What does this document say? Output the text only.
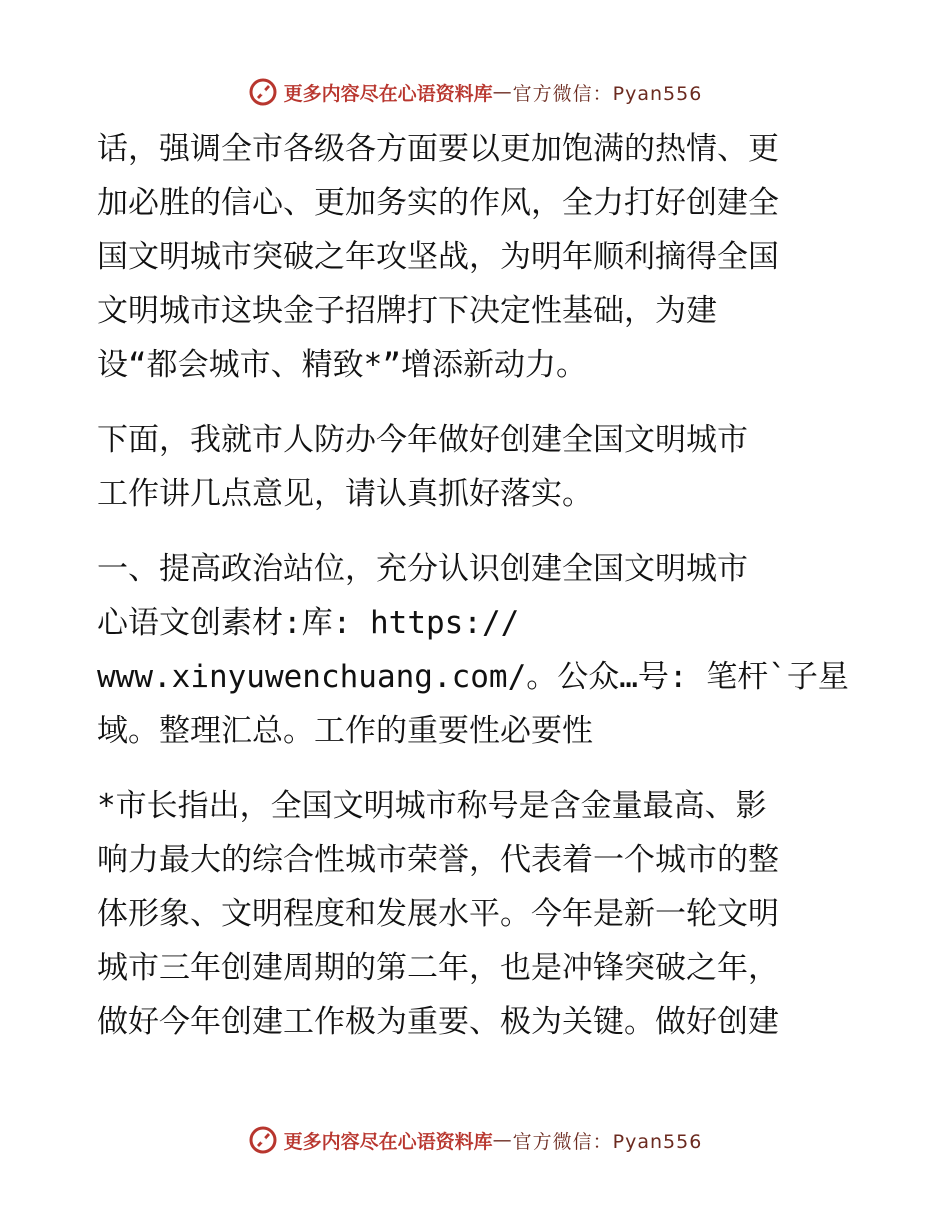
更多内容尽在心语资料库 — 官方微信：Pyan556
话，强调全市各级各方面要以更加饱满的热情、更
加必胜的信心、更加务实的作风，全力打好创建全
国文明城市突破之年攻坚战，为明年顺利摘得全国
文明城市这块金子招牌打下决定性基础，为建
设“都会城市、精致*”增添新动力。
下面，我就市人防办今年做好创建全国文明城市
工作讲几点意见，请认真抓好落实。
一、提高政治站位，充分认识创建全国文明城市
心语文创素材:库: https://
www.xinyuwenchuang.com/。公众…号: 笔杆`子星
域。整理汇总。工作的重要性必要性
*市长指出，全国文明城市称号是含金量最高、影
响力最大的综合性城市荣誉，代表着一个城市的整
体形象、文明程度和发展水平。今年是新一轮文明
城市三年创建周期的第二年，也是冲锋突破之年，
做好今年创建工作极为重要、极为关键。做好创建
更多内容尽在心语资料库 — 官方微信：Pyan556
